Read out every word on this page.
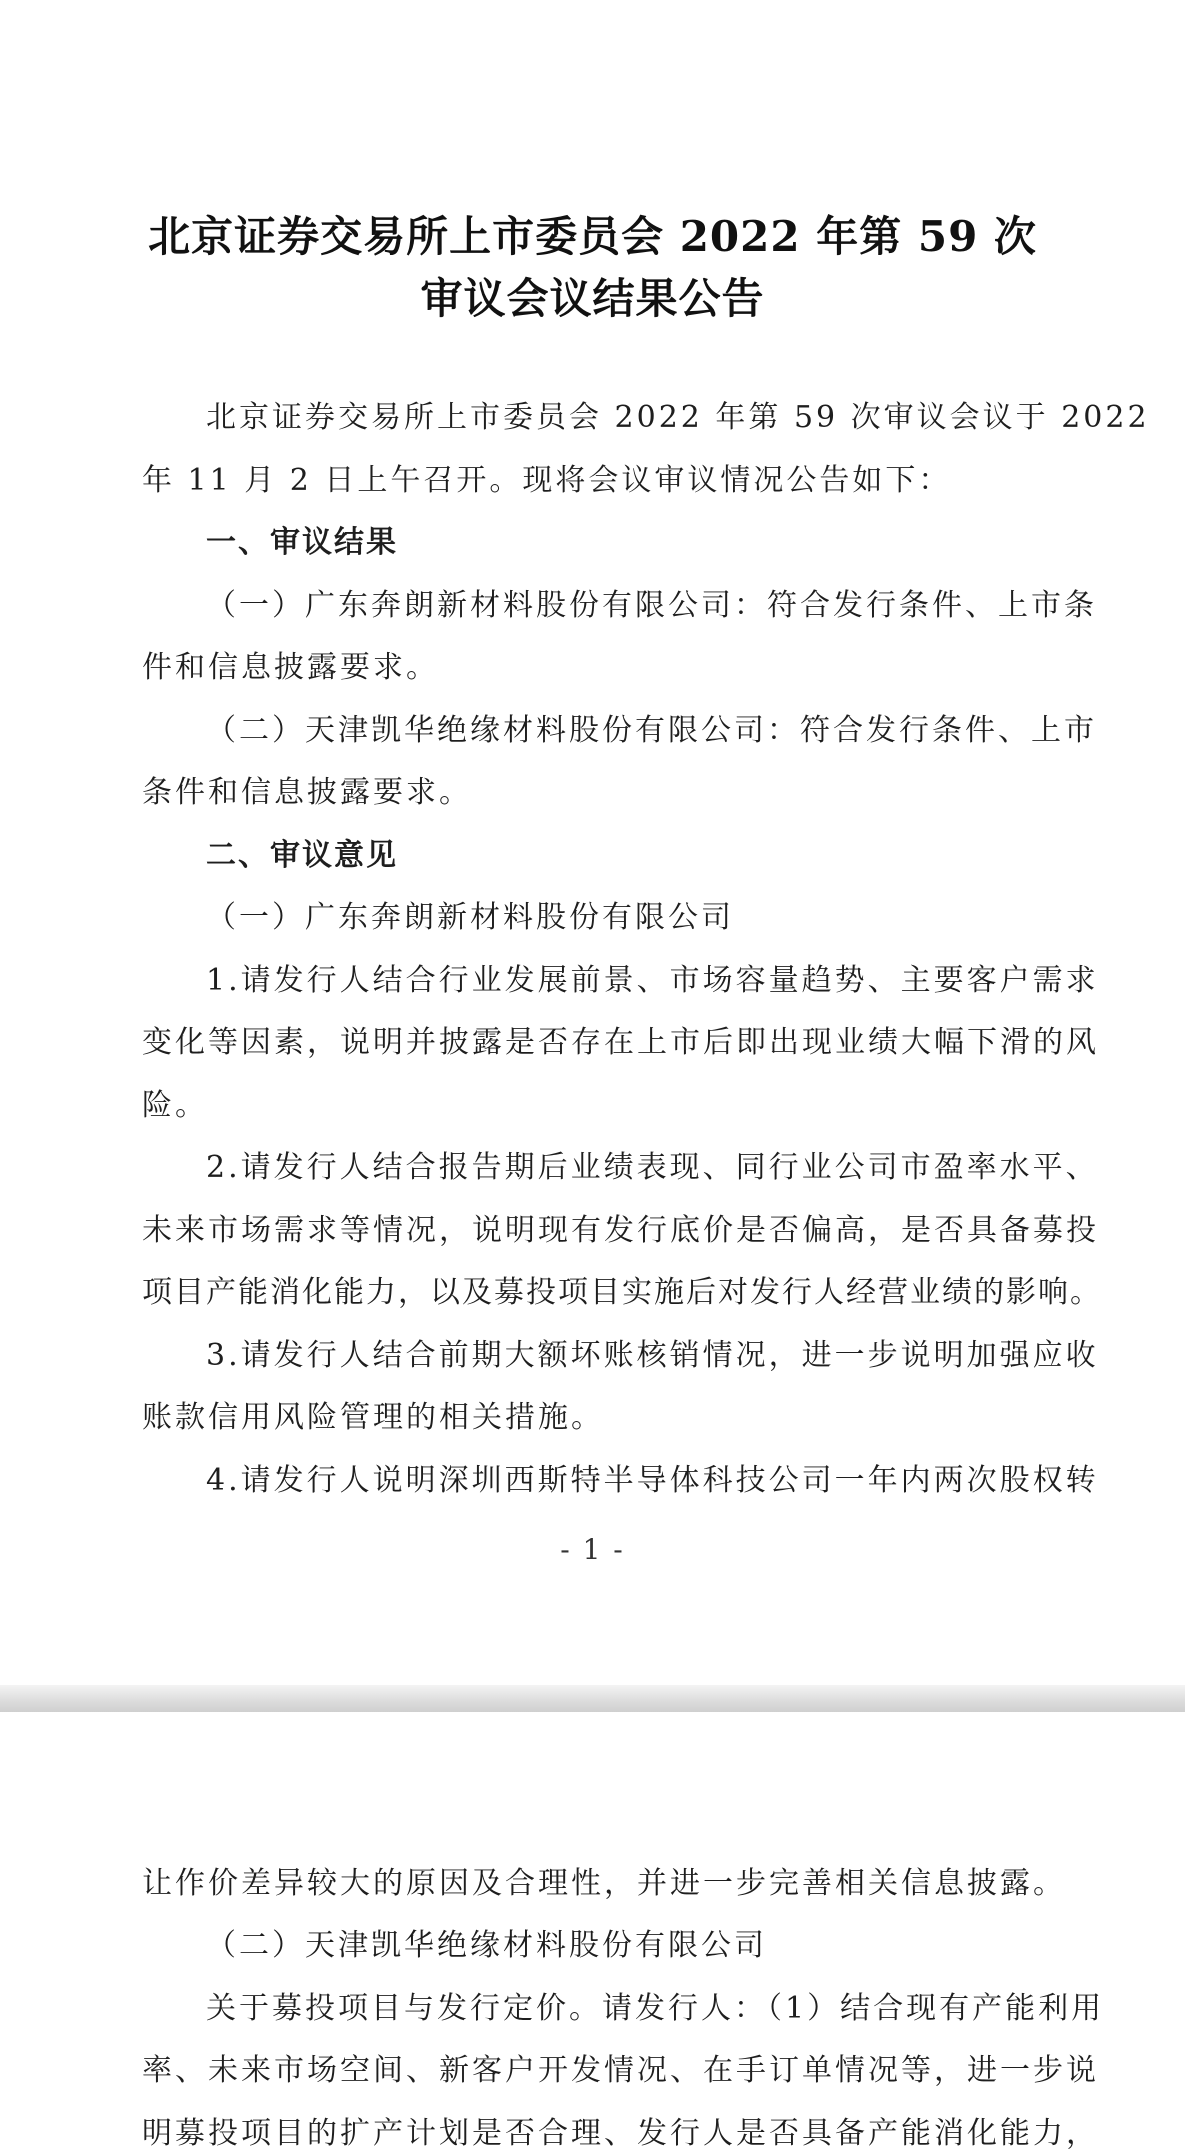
北京证券交易所上市委员会 2022 年第 59 次
审议会议结果公告
北京证券交易所上市委员会 2022 年第 59 次审议会议于 2022
年 11 月 2 日上午召开。现将会议审议情况公告如下：
一、审议结果
（一）广东奔朗新材料股份有限公司：符合发行条件、上市条
件和信息披露要求。
（二）天津凯华绝缘材料股份有限公司：符合发行条件、上市
条件和信息披露要求。
二、审议意见
（一）广东奔朗新材料股份有限公司
1.请发行人结合行业发展前景、市场容量趋势、主要客户需求
变化等因素，说明并披露是否存在上市后即出现业绩大幅下滑的风
险。
2.请发行人结合报告期后业绩表现、同行业公司市盈率水平、
未来市场需求等情况，说明现有发行底价是否偏高，是否具备募投
项目产能消化能力，以及募投项目实施后对发行人经营业绩的影响。
3.请发行人结合前期大额坏账核销情况，进一步说明加强应收
账款信用风险管理的相关措施。
4.请发行人说明深圳西斯特半导体科技公司一年内两次股权转
- 1 -
让作价差异较大的原因及合理性，并进一步完善相关信息披露。
（二）天津凯华绝缘材料股份有限公司
关于募投项目与发行定价。请发行人：（1）结合现有产能利用
率、未来市场空间、新客户开发情况、在手订单情况等，进一步说
明募投项目的扩产计划是否合理、发行人是否具备产能消化能力，
